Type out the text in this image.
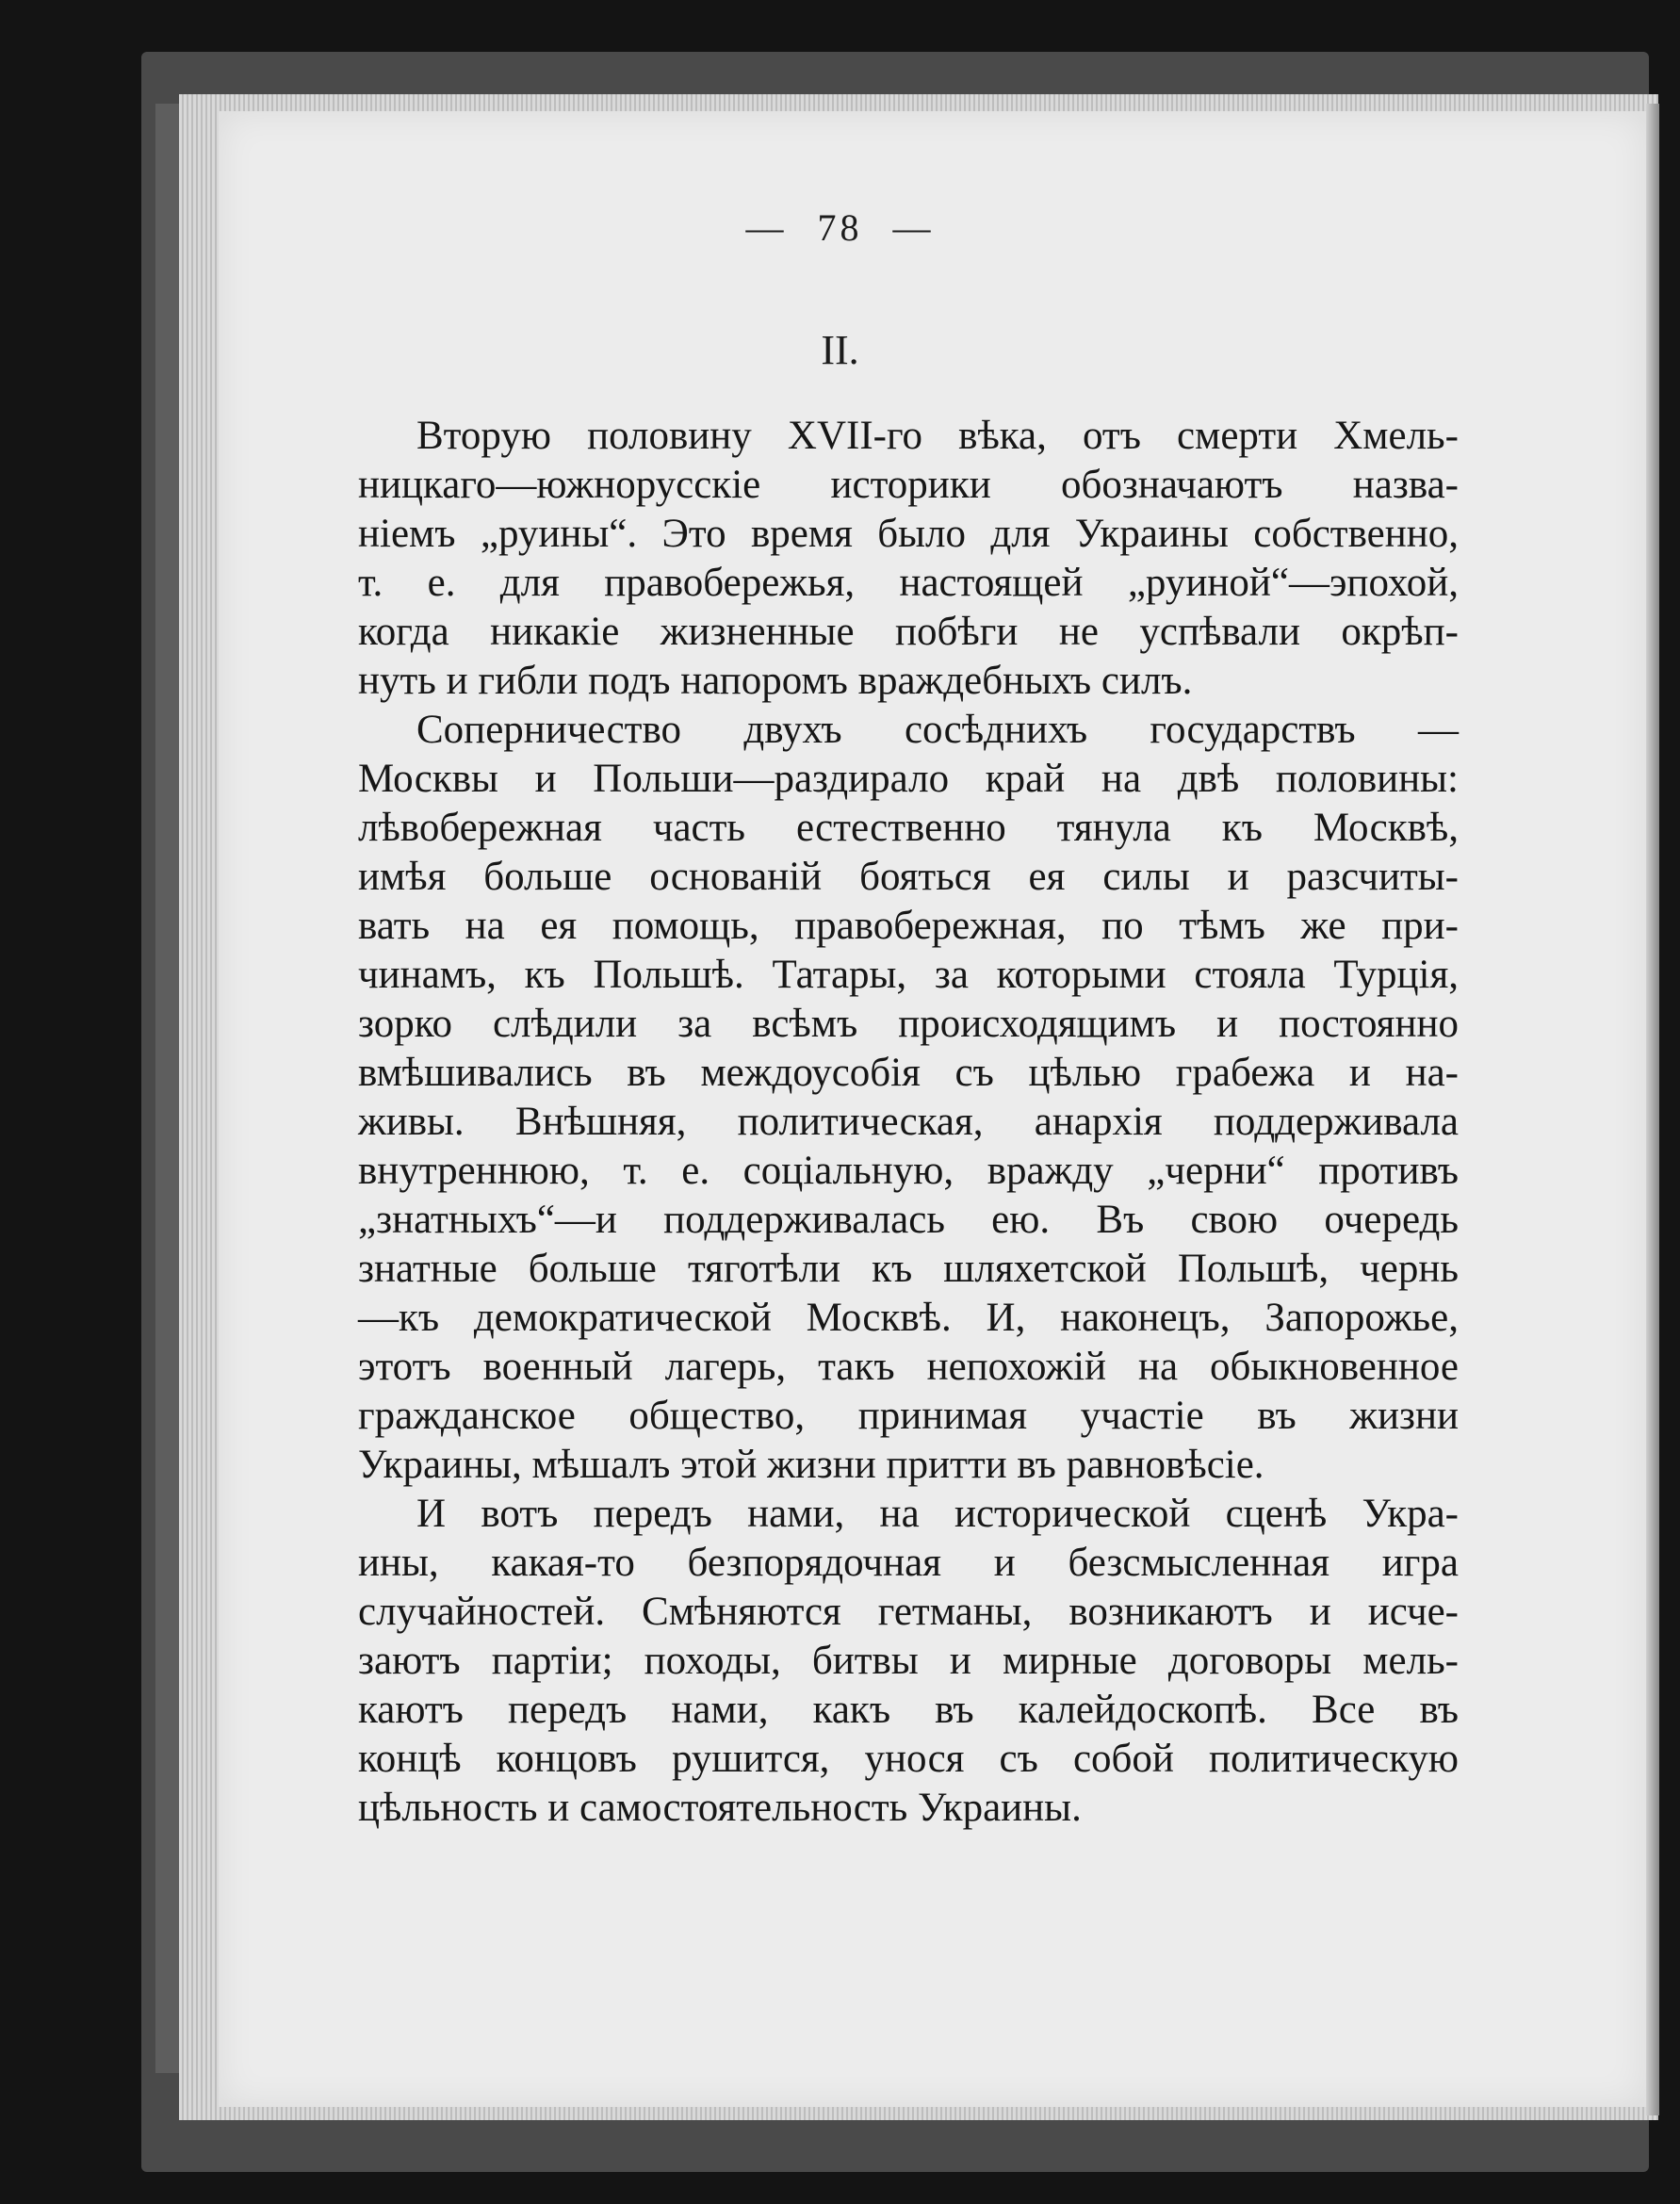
— 78 —
II.
Вторую половину XVII-го вѣка, отъ смерти Хмель-
ницкаго—южнорусскіе историки обозначаютъ назва-
ніемъ „руины“. Это время было для Украины собственно,
т. е. для правобережья, настоящей „руиной“—эпохой,
когда никакіе жизненные побѣги не успѣвали окрѣп-
нуть и гибли подъ напоромъ враждебныхъ силъ.
Соперничество двухъ сосѣднихъ государствъ —
Москвы и Польши—раздирало край на двѣ половины:
лѣвобережная часть естественно тянула къ Москвѣ,
имѣя больше основаній бояться ея силы и разсчиты-
вать на ея помощь, правобережная, по тѣмъ же при-
чинамъ, къ Польшѣ. Татары, за которыми стояла Турція,
зорко слѣдили за всѣмъ происходящимъ и постоянно
вмѣшивались въ междоусобія съ цѣлью грабежа и на-
живы. Внѣшняя, политическая, анархія поддерживала
внутреннюю, т. е. соціальную, вражду „черни“ противъ
„знатныхъ“—и поддерживалась ею. Въ свою очередь
знатные больше тяготѣли къ шляхетской Польшѣ, чернь
—къ демократической Москвѣ. И, наконецъ, Запорожье,
этотъ военный лагерь, такъ непохожій на обыкновенное
гражданское общество, принимая участіе въ жизни
Украины, мѣшалъ этой жизни притти въ равновѣсіе.
И вотъ передъ нами, на исторической сценѣ Укра-
ины, какая-то безпорядочная и безсмысленная игра
случайностей. Смѣняются гетманы, возникаютъ и исче-
заютъ партіи; походы, битвы и мирные договоры мель-
каютъ передъ нами, какъ въ калейдоскопѣ. Все въ
концѣ концовъ рушится, унося съ собой политическую
цѣльность и самостоятельность Украины.
